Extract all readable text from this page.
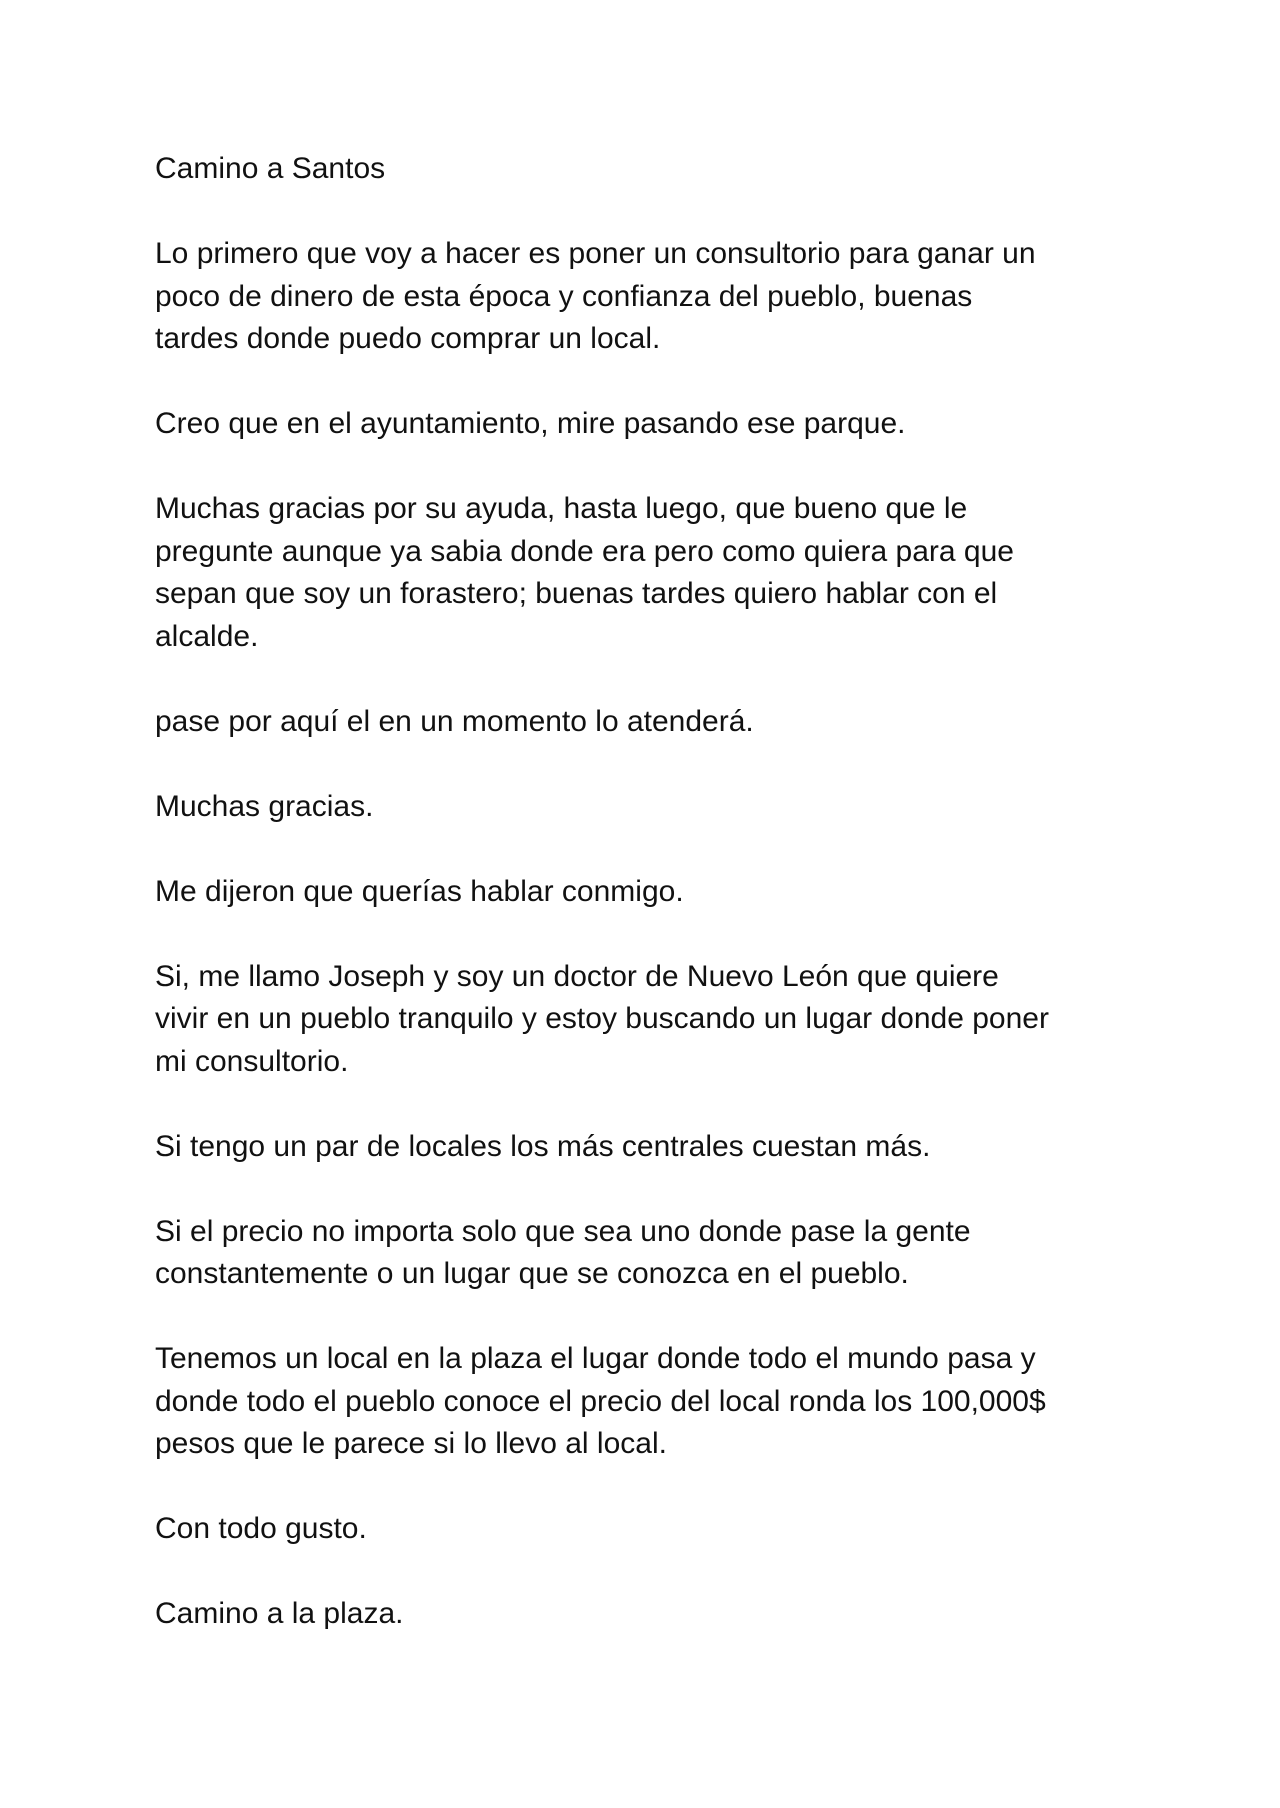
Camino a Santos

Lo primero que voy a hacer es poner un consultorio para ganar un
poco de dinero de esta época y confianza del pueblo, buenas
tardes donde puedo comprar un local.

Creo que en el ayuntamiento, mire pasando ese parque.

Muchas gracias por su ayuda, hasta luego, que bueno que le
pregunte aunque ya sabia donde era pero como quiera para que
sepan que soy un forastero; buenas tardes quiero hablar con el
alcalde.

pase por aquí el en un momento lo atenderá.

Muchas gracias.

Me dijeron que querías hablar conmigo.

Si, me llamo Joseph y soy un doctor de Nuevo León que quiere
vivir en un pueblo tranquilo y estoy buscando un lugar donde poner
mi consultorio.

Si tengo un par de locales los más centrales cuestan más.

Si el precio no importa solo que sea uno donde pase la gente
constantemente o un lugar que se conozca en el pueblo.

Tenemos un local en la plaza el lugar donde todo el mundo pasa y
donde todo el pueblo conoce el precio del local ronda los 100,000$
pesos que le parece si lo llevo al local.

Con todo gusto.

Camino a la plaza.
